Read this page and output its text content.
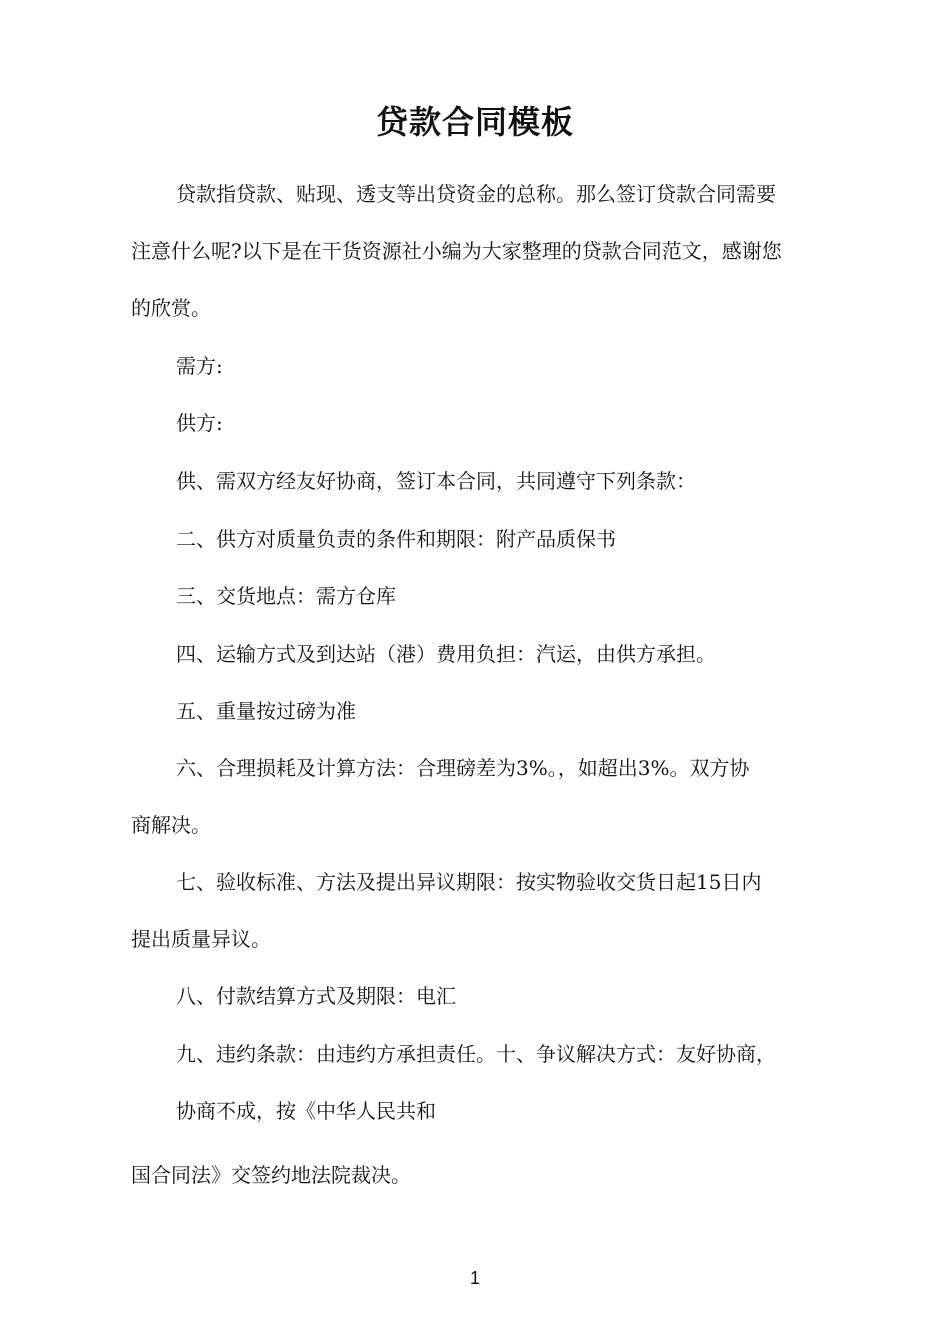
贷款合同模板

贷款指贷款、贴现、透支等出贷资金的总称。那么签订贷款合同需要

注意什么呢?以下是在干货资源社小编为大家整理的贷款合同范文，感谢您

的欣赏。

需方:

供方:

供、需双方经友好协商，签订本合同，共同遵守下列条款：

二、供方对质量负责的条件和期限：附产品质保书

三、交货地点：需方仓库

四、运输方式及到达站（港）费用负担：汽运，由供方承担。

五、重量按过磅为准

六、合理损耗及计算方法：合理磅差为3%。，如超出3%。双方协

商解决。

七、验收标准、方法及提出异议期限：按实物验收交货日起15日内

提出质量异议。

八、付款结算方式及期限：电汇

九、违约条款：由违约方承担责任。十、争议解决方式：友好协商，

协商不成，按《中华人民共和

国合同法》交签约地法院裁决。

1
